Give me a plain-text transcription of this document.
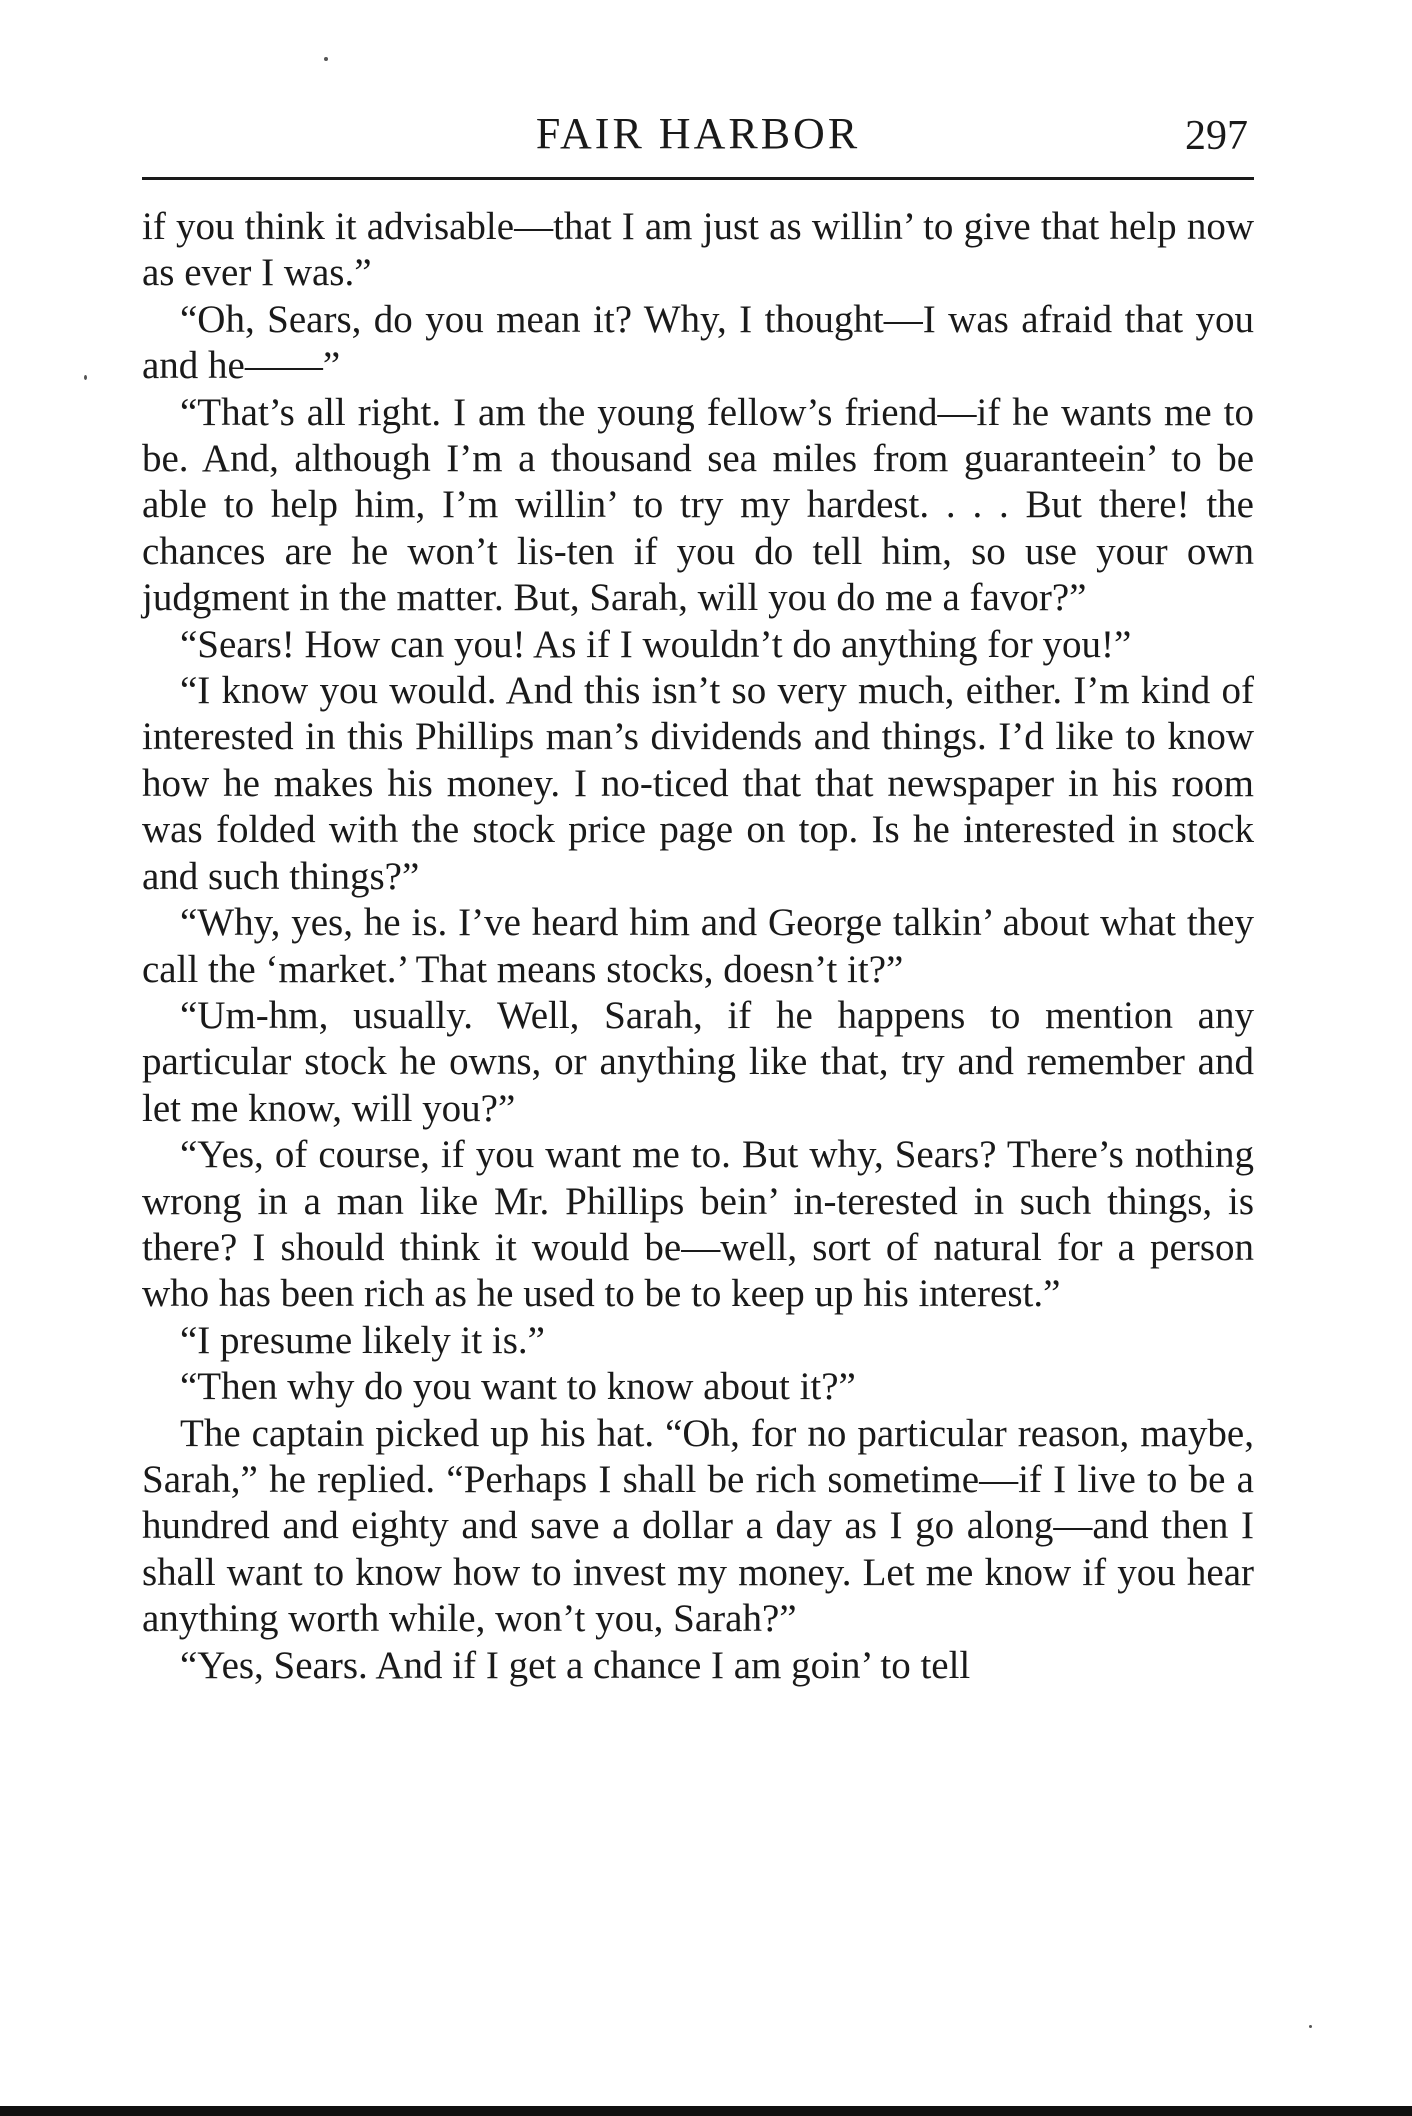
FAIR HARBOR	297

if you think it advisable—that I am just as willin’ to give that help now as ever I was.”

“Oh, Sears, do you mean it? Why, I thought—I was afraid that you and he——”

“That’s all right. I am the young fellow’s friend—if he wants me to be. And, although I’m a thousand sea miles from guaranteein’ to be able to help him, I’m willin’ to try my hardest. . . . But there! the chances are he won’t lis-ten if you do tell him, so use your own judgment in the matter. But, Sarah, will you do me a favor?”

“Sears! How can you! As if I wouldn’t do anything for you!”

“I know you would. And this isn’t so very much, either. I’m kind of interested in this Phillips man’s dividends and things. I’d like to know how he makes his money. I no-ticed that that newspaper in his room was folded with the stock price page on top. Is he interested in stock and such things?”

“Why, yes, he is. I’ve heard him and George talkin’ about what they call the ‘market.’ That means stocks, doesn’t it?”

“Um-hm, usually. Well, Sarah, if he happens to mention any particular stock he owns, or anything like that, try and remember and let me know, will you?”

“Yes, of course, if you want me to. But why, Sears? There’s nothing wrong in a man like Mr. Phillips bein’ in-terested in such things, is there? I should think it would be—well, sort of natural for a person who has been rich as he used to be to keep up his interest.”

“I presume likely it is.”

“Then why do you want to know about it?”

The captain picked up his hat. “Oh, for no particular reason, maybe, Sarah,” he replied. “Perhaps I shall be rich sometime—if I live to be a hundred and eighty and save a dollar a day as I go along—and then I shall want to know how to invest my money. Let me know if you hear anything worth while, won’t you, Sarah?”

“Yes, Sears. And if I get a chance I am goin’ to tell
